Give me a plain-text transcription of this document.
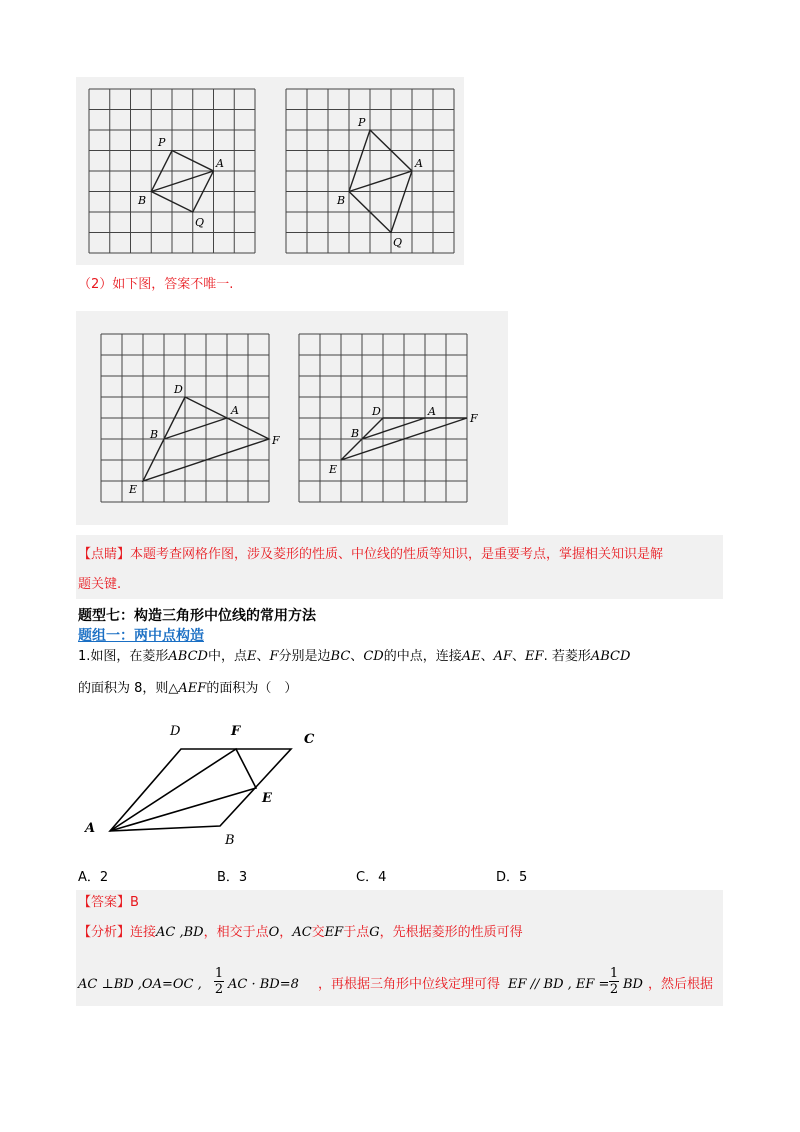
P
A
B
Q
P
A
B
Q
（2）如下图，答案不唯一.
D
A
B	F
E
D	A
B
F
E
【点睛】本题考查网格作图，涉及菱形的性质、中位线的性质等知识，是重要考点，掌握相关知识是解
题关键.
题型七：构造三角形中位线的常用方法
题组一：两中点构造
1.如图，在菱形ABCD中，点E、F分别是边BC、CD的中点，连接AE、AF、EF. 若菱形ABCD
的面积为 8，则△AEF的面积为（　）
D	F
C
E
A
B
A．2	B．3	C．4	D．5
【答案】B
【分析】连接AC ,BD，相交于点O，AC交EF于点G，先根据菱形的性质可得
AC ⊥BD ,OA=OC , $\frac{1}{2}$ AC · BD=8 ，再根据三角形中位线定理可得 EF // BD , EF = $\frac{1}{2}$ BD ，然后根据
